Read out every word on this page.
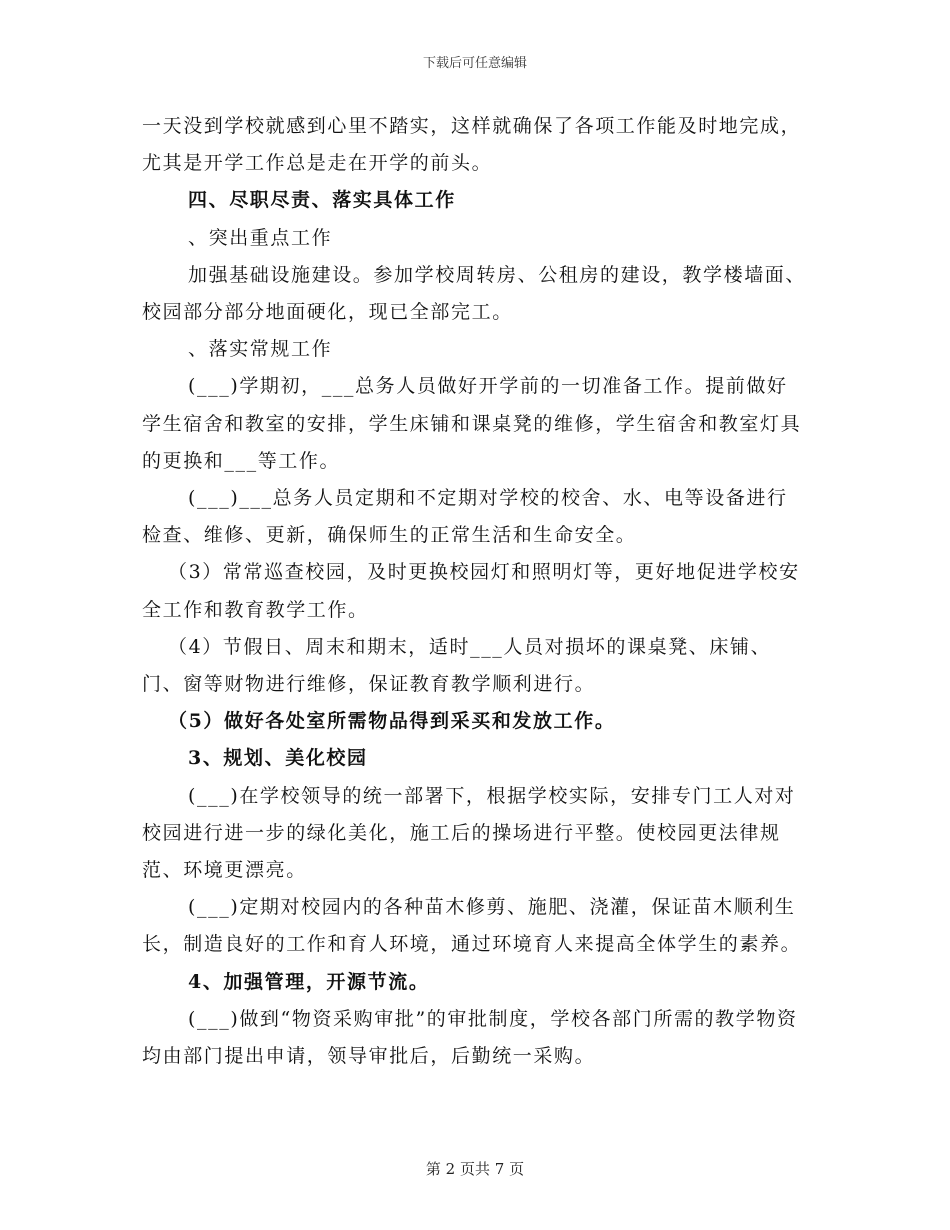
下载后可任意编辑

一天没到学校就感到心里不踏实，这样就确保了各项工作能及时地完成，尤其是开学工作总是走在开学的前头。

四、尽职尽责、落实具体工作

、突出重点工作

加强基础设施建设。参加学校周转房、公租房的建设，教学楼墙面、校园部分部分地面硬化，现已全部完工。

、落实常规工作

(___)学期初，___总务人员做好开学前的一切准备工作。提前做好学生宿舍和教室的安排，学生床铺和课桌凳的维修，学生宿舍和教室灯具的更换和___等工作。

(___)___总务人员定期和不定期对学校的校舍、水、电等设备进行检查、维修、更新，确保师生的正常生活和生命安全。

（3）常常巡查校园，及时更换校园灯和照明灯等，更好地促进学校安全工作和教育教学工作。

（4）节假日、周末和期末，适时___人员对损坏的课桌凳、床铺、门、窗等财物进行维修，保证教育教学顺利进行。

（5）做好各处室所需物品得到采买和发放工作。

3、规划、美化校园

(___)在学校领导的统一部署下，根据学校实际，安排专门工人对对校园进行进一步的绿化美化，施工后的操场进行平整。使校园更法律规范、环境更漂亮。

(___)定期对校园内的各种苗木修剪、施肥、浇灌，保证苗木顺利生长，制造良好的工作和育人环境，通过环境育人来提高全体学生的素养。

4、加强管理，开源节流。

(___)做到“物资采购审批”的审批制度，学校各部门所需的教学物资均由部门提出申请，领导审批后，后勤统一采购。

第 2 页共 7 页
